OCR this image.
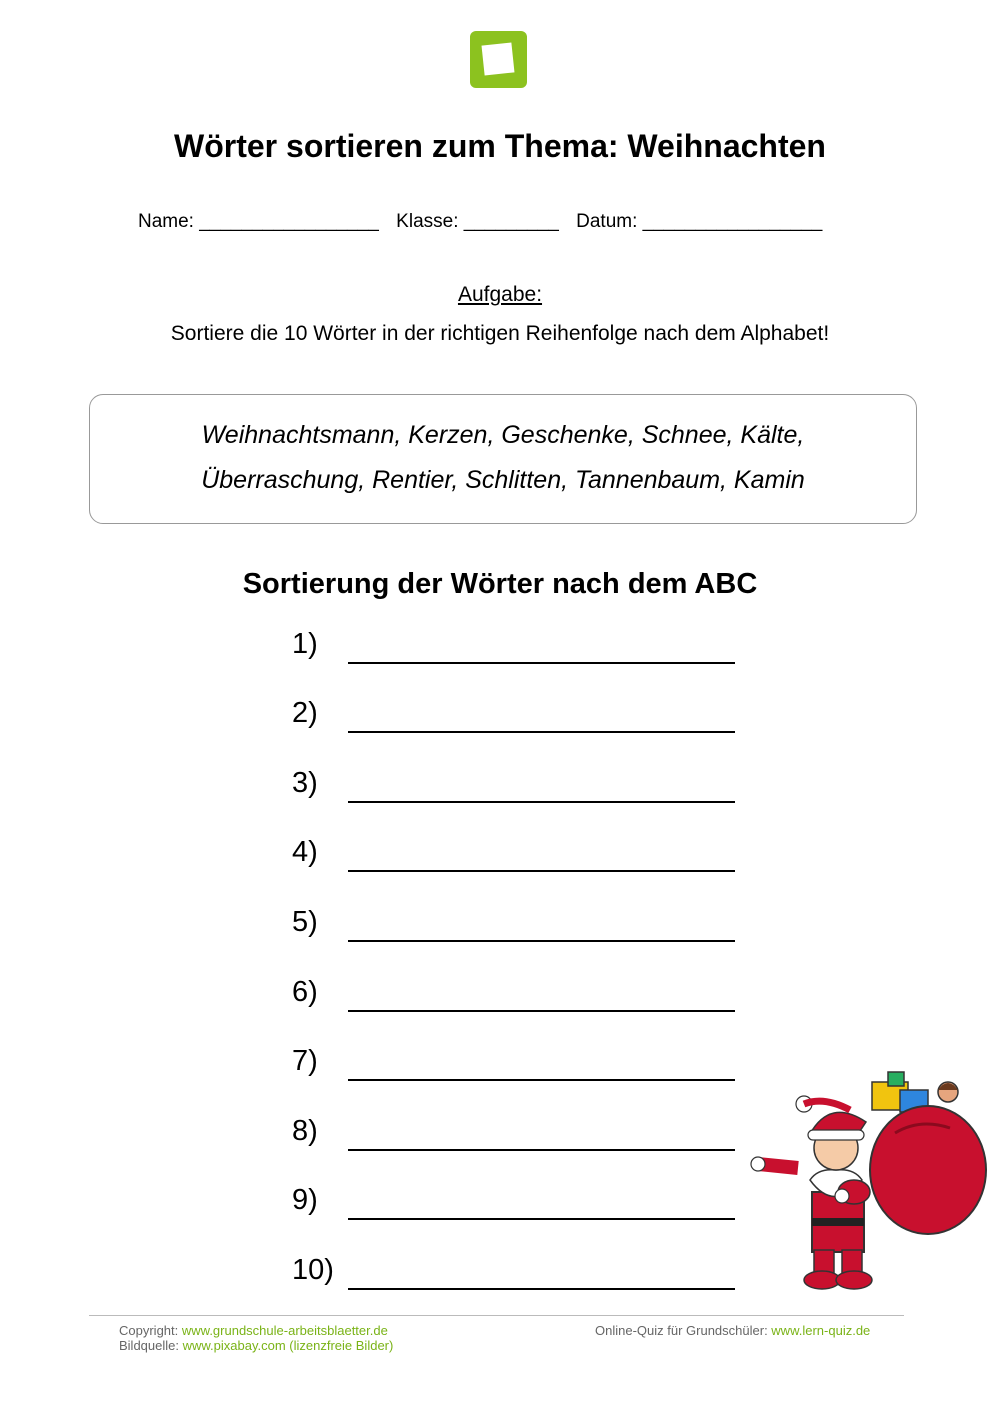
Wörter sortieren zum Thema: Weihnachten
Name: _________________ Klasse: _________ Datum: _________________
Aufgabe:
Sortiere die 10 Wörter in der richtigen Reihenfolge nach dem Alphabet!
Weihnachtsmann, Kerzen, Geschenke, Schnee, Kälte,
Überraschung, Rentier, Schlitten, Tannenbaum, Kamin
Sortierung der Wörter nach dem ABC
1)
2)
3)
4)
5)
6)
7)
8)
9)
10)
Copyright: www.grundschule-arbeitsblaetter.de
Bildquelle: www.pixabay.com (lizenzfreie Bilder)
Online-Quiz für Grundschüler: www.lern-quiz.de
